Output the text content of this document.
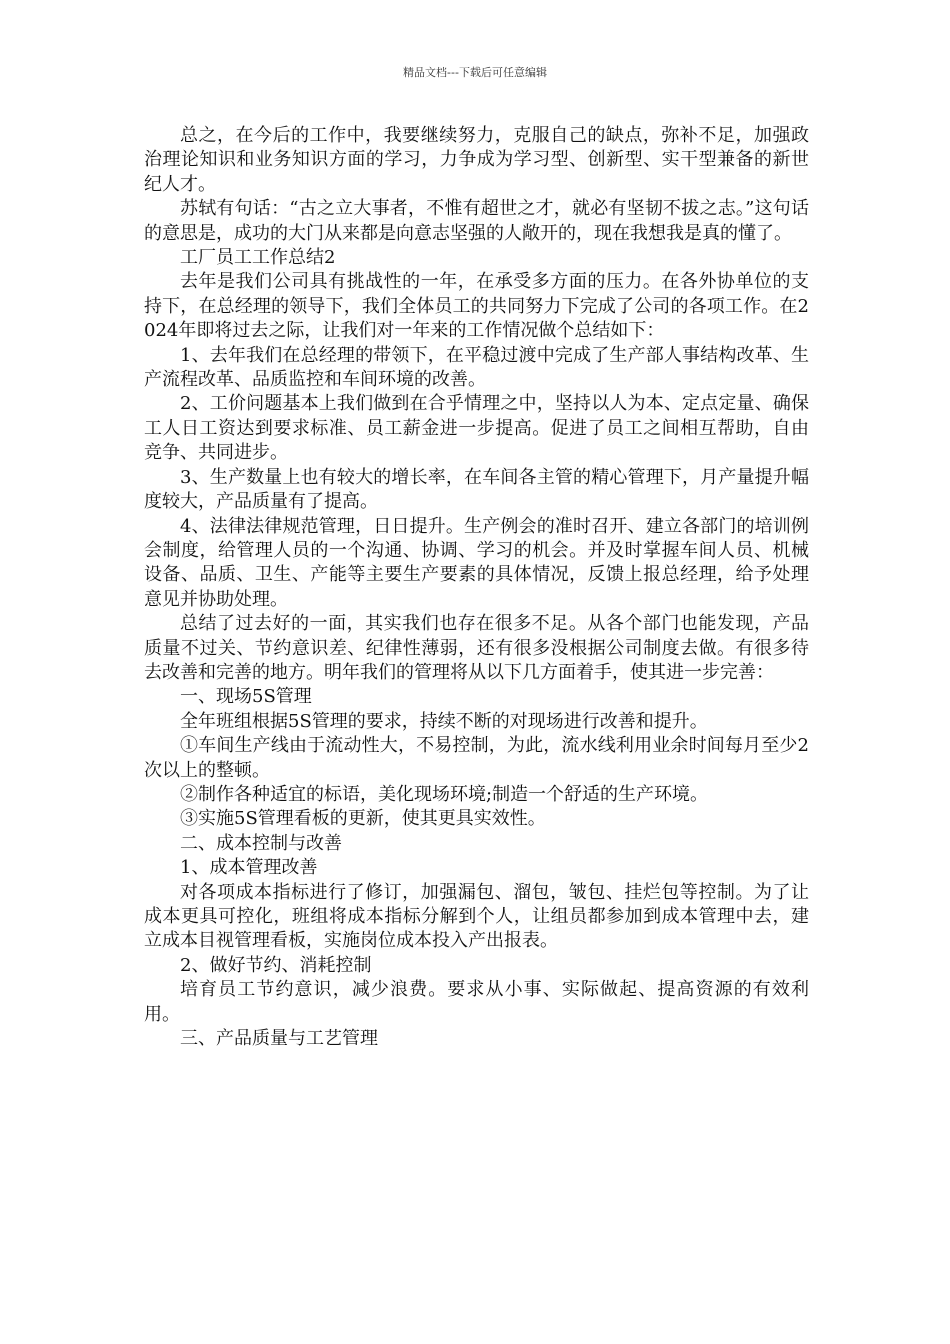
精品文档---下载后可任意编辑

总之，在今后的工作中，我要继续努力，克服自己的缺点，弥补不足，加强政治理论知识和业务知识方面的学习，力争成为学习型、创新型、实干型兼备的新世纪人才。

苏轼有句话：“古之立大事者，不惟有超世之才，就必有坚韧不拔之志。”这句话的意思是，成功的大门从来都是向意志坚强的人敞开的，现在我想我是真的懂了。

工厂员工工作总结2

去年是我们公司具有挑战性的一年，在承受多方面的压力。在各外协单位的支持下，在总经理的领导下，我们全体员工的共同努力下完成了公司的各项工作。在2024年即将过去之际，让我们对一年来的工作情况做个总结如下：

1、去年我们在总经理的带领下，在平稳过渡中完成了生产部人事结构改革、生产流程改革、品质监控和车间环境的改善。

2、工价问题基本上我们做到在合乎情理之中，坚持以人为本、定点定量、确保工人日工资达到要求标准、员工薪金进一步提高。促进了员工之间相互帮助，自由竞争、共同进步。

3、生产数量上也有较大的增长率，在车间各主管的精心管理下，月产量提升幅度较大，产品质量有了提高。

4、法律法律规范管理，日日提升。生产例会的准时召开、建立各部门的培训例会制度，给管理人员的一个沟通、协调、学习的机会。并及时掌握车间人员、机械设备、品质、卫生、产能等主要生产要素的具体情况，反馈上报总经理，给予处理意见并协助处理。

总结了过去好的一面，其实我们也存在很多不足。从各个部门也能发现，产品质量不过关、节约意识差、纪律性薄弱，还有很多没根据公司制度去做。有很多待去改善和完善的地方。明年我们的管理将从以下几方面着手，使其进一步完善：

一、现场5S管理

全年班组根据5S管理的要求，持续不断的对现场进行改善和提升。

①车间生产线由于流动性大，不易控制，为此，流水线利用业余时间每月至少2次以上的整顿。

②制作各种适宜的标语，美化现场环境;制造一个舒适的生产环境。

③实施5S管理看板的更新，使其更具实效性。

二、成本控制与改善

1、成本管理改善

对各项成本指标进行了修订，加强漏包、溜包，皱包、挂烂包等控制。为了让成本更具可控化，班组将成本指标分解到个人，让组员都参加到成本管理中去，建立成本目视管理看板，实施岗位成本投入产出报表。

2、做好节约、消耗控制

培育员工节约意识，减少浪费。要求从小事、实际做起、提高资源的有效利用。

三、产品质量与工艺管理
